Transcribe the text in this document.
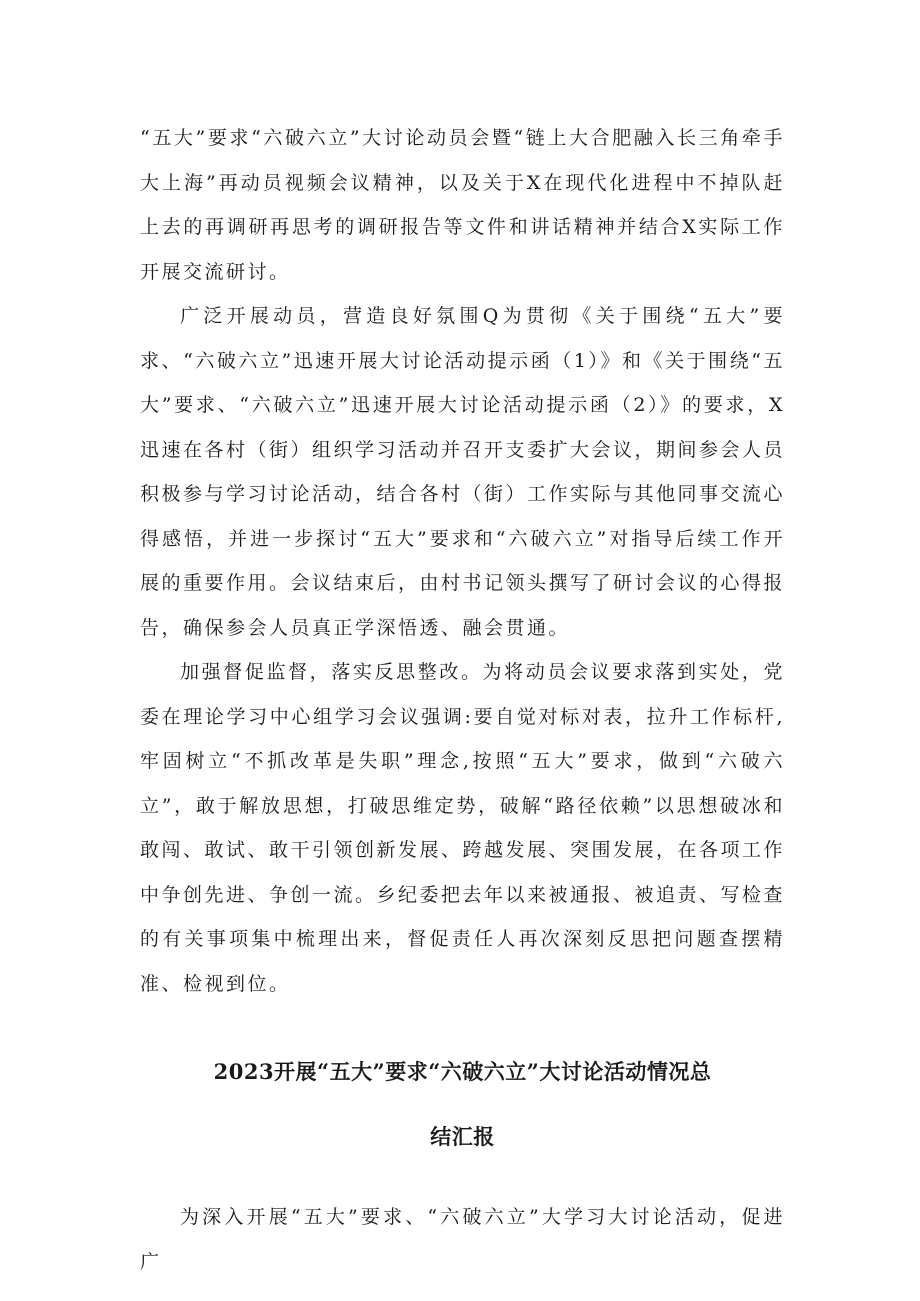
“五大”要求“六破六立”大讨论动员会暨“链上大合肥融入长三角牵手大上海”再动员视频会议精神，以及关于X在现代化进程中不掉队赶上去的再调研再思考的调研报告等文件和讲话精神并结合X实际工作开展交流研讨。

广泛开展动员，营造良好氛围Q为贯彻《关于围绕“五大”要求、“六破六立”迅速开展大讨论活动提示函（1）》和《关于围绕“五大”要求、“六破六立”迅速开展大讨论活动提示函（2）》的要求，X迅速在各村（街）组织学习活动并召开支委扩大会议，期间参会人员积极参与学习讨论活动，结合各村（街）工作实际与其他同事交流心得感悟，并进一步探讨“五大”要求和“六破六立”对指导后续工作开展的重要作用。会议结束后，由村书记领头撰写了研讨会议的心得报告，确保参会人员真正学深悟透、融会贯通。

加强督促监督，落实反思整改。为将动员会议要求落到实处，党委在理论学习中心组学习会议强调:要自觉对标对表，拉升工作标杆,牢固树立“不抓改革是失职”理念,按照“五大”要求，做到“六破六立”，敢于解放思想，打破思维定势，破解“路径依赖”以思想破冰和敢闯、敢试、敢干引领创新发展、跨越发展、突围发展，在各项工作中争创先进、争创一流。乡纪委把去年以来被通报、被追责、写检查的有关事项集中梳理出来，督促责任人再次深刻反思把问题查摆精准、检视到位。

2023开展“五大”要求“六破六立”大讨论活动情况总
结汇报

为深入开展“五大”要求、“六破六立”大学习大讨论活动，促进广
